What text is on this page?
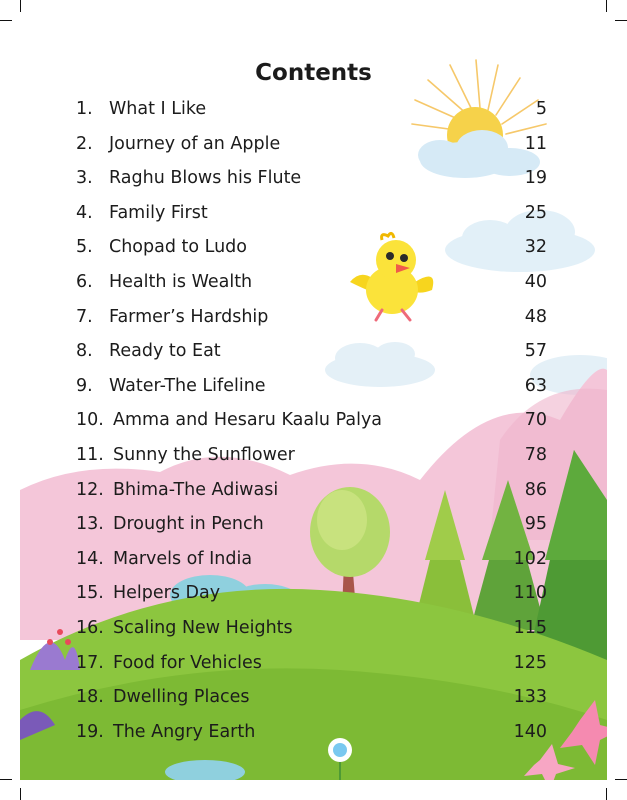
Contents
1. What I Like	5
2. Journey of an Apple	11
3. Raghu Blows his Flute	19
4. Family First	25
5. Chopad to Ludo	32
6. Health is Wealth	40
7. Farmer’s Hardship	48
8. Ready to Eat	57
9. Water-The Lifeline	63
10. Amma and Hesaru Kaalu Palya	70
11. Sunny the Sunflower	78
12. Bhima-The Adiwasi	86
13. Drought in Pench	95
14. Marvels of India	102
15. Helpers Day	110
16. Scaling New Heights	115
17. Food for Vehicles	125
18. Dwelling Places	133
19. The Angry Earth	140
